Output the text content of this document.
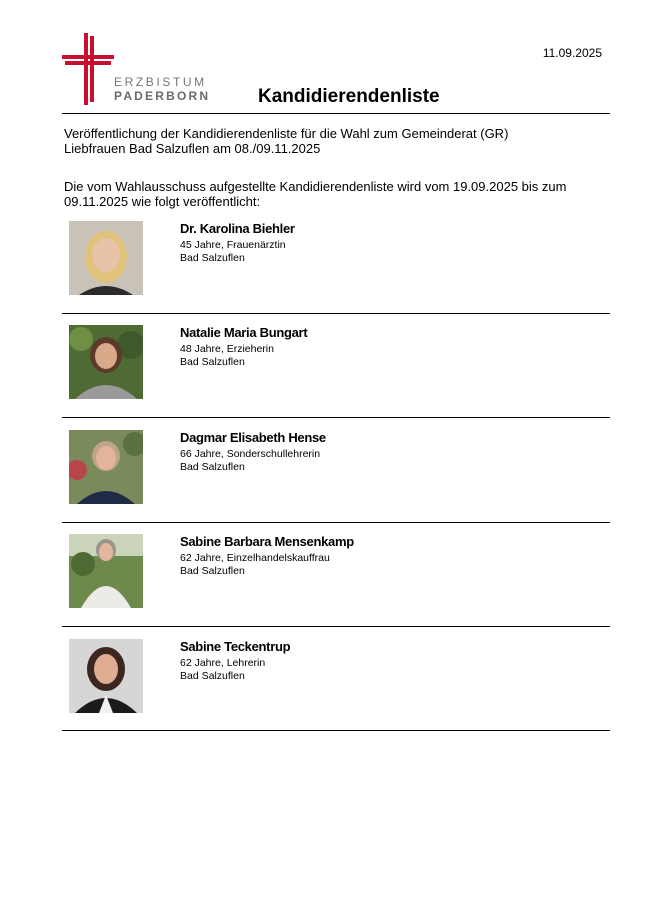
11.09.2025
ERZBISTUM
PADERBORN	Kandidierendenliste
Veröffentlichung der Kandidierendenliste für die Wahl zum Gemeinderat (GR)
Liebfrauen Bad Salzuflen am 08./09.11.2025
Die vom Wahlausschuss aufgestellte Kandidierendenliste wird vom 19.09.2025 bis zum
09.11.2025 wie folgt veröffentlicht:
Dr. Karolina Biehler
45 Jahre, Frauenärztin
Bad Salzuflen
Natalie Maria Bungart
48 Jahre, Erzieherin
Bad Salzuflen
Dagmar Elisabeth Hense
66 Jahre, Sonderschullehrerin
Bad Salzuflen
Sabine Barbara Mensenkamp
62 Jahre, Einzelhandelskauffrau
Bad Salzuflen
Sabine Teckentrup
62 Jahre, Lehrerin
Bad Salzuflen
